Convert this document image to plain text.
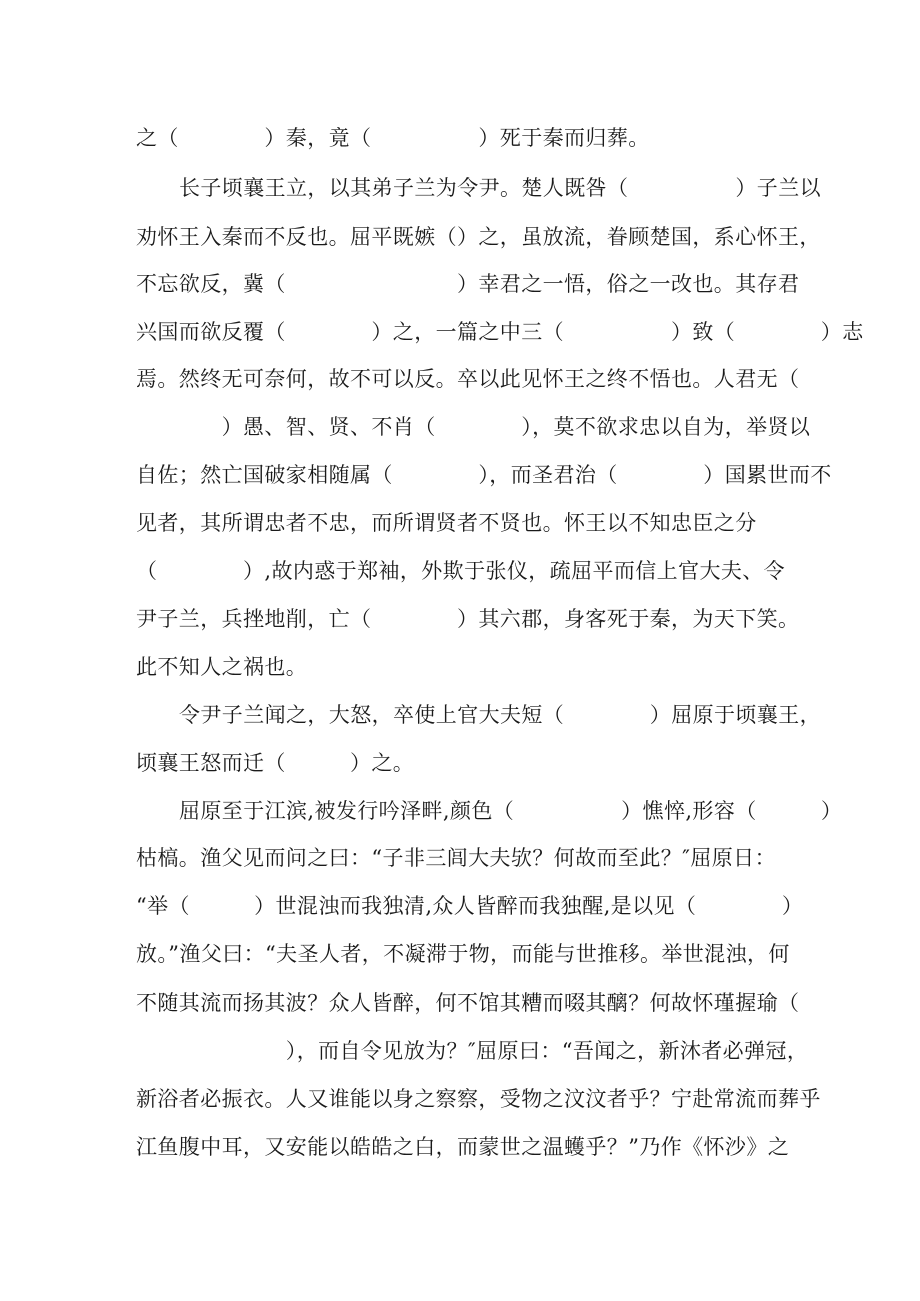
之（　　　　）秦，竟（　　　　　）死于秦而归葬。
长子顷襄王立，以其弟子兰为令尹。楚人既咎（　　　　　）子兰以
劝怀王入秦而不反也。屈平既嫉（）之，虽放流，眷顾楚国，系心怀王，
不忘欲反，冀（　　　　　　　　）幸君之一悟，俗之一改也。其存君
兴国而欲反覆（　　　　）之，一篇之中三（　　　　　）致（　　　　）志
焉。然终无可奈何，故不可以反。卒以此见怀王之终不悟也。人君无（
　　　　）愚、智、贤、不肖（　　　　），莫不欲求忠以自为，举贤以
自佐；然亡国破家相随属（　　　　），而圣君治（　　　　）国累世而不
见者，其所谓忠者不忠，而所谓贤者不贤也。怀王以不知忠臣之分
（　　　　）,故内惑于郑袖，外欺于张仪，疏屈平而信上官大夫、令
尹子兰，兵挫地削，亡（　　　　）其六郡，身客死于秦，为天下笑。
此不知人之祸也。
令尹子兰闻之，大怒，卒使上官大夫短（　　　　）屈原于顷襄王，
顷襄王怒而迁（　　　）之。
屈原至于江滨,被发行吟泽畔,颜色（　　　　　）憔悴,形容（　　　）
枯槁。渔父见而问之曰：“子非三闾大夫欤？何故而至此？″屈原日：
“举（　　　）世混浊而我独清,众人皆醉而我独醒,是以见（　　　　）
放。”渔父曰：“夫圣人者，不凝滞于物，而能与世推移。举世混浊，何
不随其流而扬其波？众人皆醉，何不馆其糟而啜其醨？何故怀瑾握瑜（
　　　　　　　），而自令见放为？″屈原曰：“吾闻之，新沐者必弹冠，
新浴者必振衣。人又谁能以身之察察，受物之汶汶者乎？宁赴常流而葬乎
江鱼腹中耳，又安能以皓皓之白，而蒙世之温蠖乎？”乃作《怀沙》之
